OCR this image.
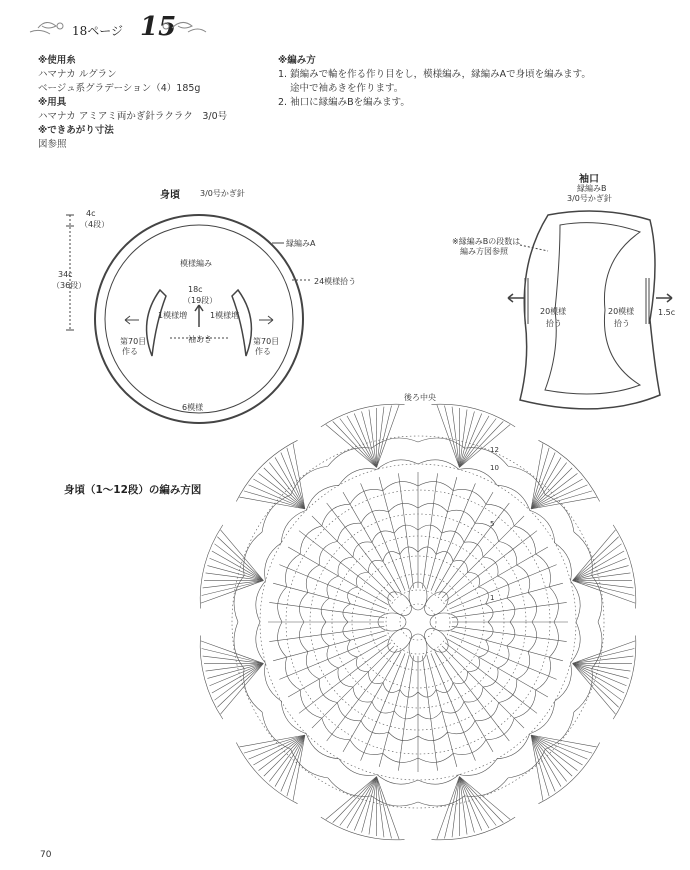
18ページ 15
※使用糸
ハマナカ ルグラン
ベージュ系グラデーション（4）185g
※用具
ハマナカ アミアミ両かぎ針ラクラク　3/0号
※できあがり寸法
図参照
※編み方
1. 鎖編みで輪を作る作り目をし，模様編み，縁編みAで身頃を編みます。
途中で袖あきを作ります。
2. 袖口に縁編みBを編みます。
身頃	3/0号かぎ針
4c
（4段）
34c
（36段）
縁編みA
模様編み
24模様拾う
18c
（19段）
1模様増	1模様増
袖あき
第70目
作る
第70目
作る
6模様
袖口
縁編みB
3/0号かぎ針
※縁編みBの段数は
編み方図参照
20模様
拾う
20模様
拾う
1.5c
身頃（1〜12段）の編み方図
後ろ中央
12
10
5
1
70
